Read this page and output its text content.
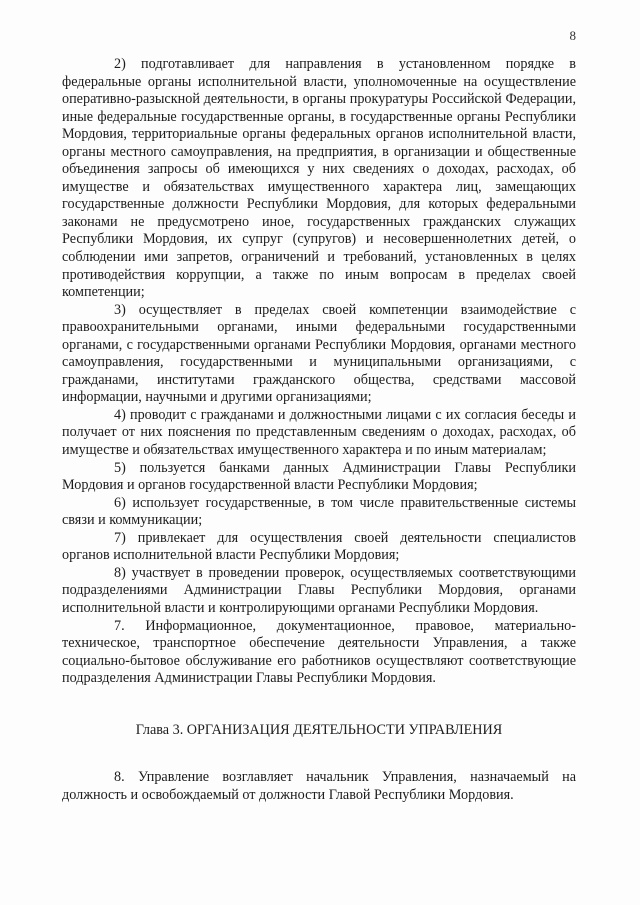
8

2) подготавливает для направления в установленном порядке в федеральные органы исполнительной власти, уполномоченные на осуществление оперативно-разыскной деятельности, в органы прокуратуры Российской Федерации, иные федеральные государственные органы, в государственные органы Республики Мордовия, территориальные органы федеральных органов исполнительной власти, органы местного самоуправления, на предприятия, в организации и общественные объединения запросы об имеющихся у них сведениях о доходах, расходах, об имуществе и обязательствах имущественного характера лиц, замещающих государственные должности Республики Мордовия, для которых федеральными законами не предусмотрено иное, государственных гражданских служащих Республики Мордовия, их супруг (супругов) и несовершеннолетних детей, о соблюдении ими запретов, ограничений и требований, установленных в целях противодействия коррупции, а также по иным вопросам в пределах своей компетенции;

3) осуществляет в пределах своей компетенции взаимодействие с правоохранительными органами, иными федеральными государственными органами, с государственными органами Республики Мордовия, органами местного самоуправления, государственными и муниципальными организациями, с гражданами, институтами гражданского общества, средствами массовой информации, научными и другими организациями;

4) проводит с гражданами и должностными лицами с их согласия беседы и получает от них пояснения по представленным сведениям о доходах, расходах, об имуществе и обязательствах имущественного характера и по иным материалам;

5) пользуется банками данных Администрации Главы Республики Мордовия и органов государственной власти Республики Мордовия;

6) использует государственные, в том числе правительственные системы связи и коммуникации;

7) привлекает для осуществления своей деятельности специалистов органов исполнительной власти Республики Мордовия;

8) участвует в проведении проверок, осуществляемых соответствующими подразделениями Администрации Главы Республики Мордовия, органами исполнительной власти и контролирующими органами Республики Мордовия.

7. Информационное, документационное, правовое, материально-техническое, транспортное обеспечение деятельности Управления, а также социально-бытовое обслуживание его работников осуществляют соответствующие подразделения Администрации Главы Республики Мордовия.

Глава 3. ОРГАНИЗАЦИЯ ДЕЯТЕЛЬНОСТИ УПРАВЛЕНИЯ

8. Управление возглавляет начальник Управления, назначаемый на должность и освобождаемый от должности Главой Республики Мордовия.
